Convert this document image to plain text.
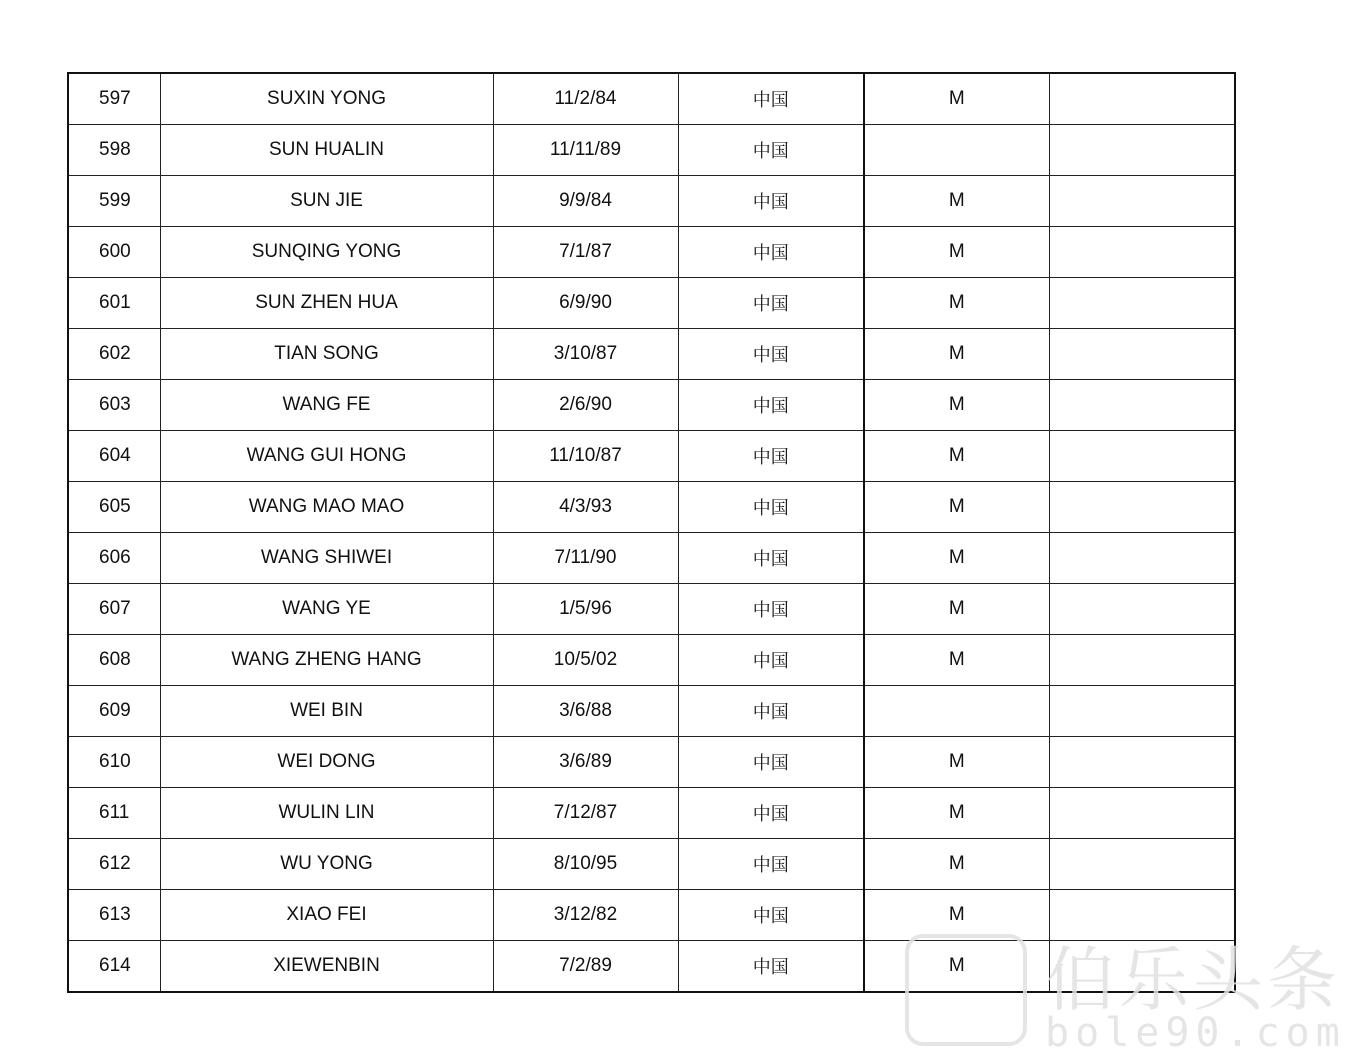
597	SUXIN YONG	11/2/84	中国	M	
598	SUN HUALIN	11/11/89	中国		
599	SUN JIE	9/9/84	中国	M	
600	SUNQING YONG	7/1/87	中国	M	
601	SUN ZHEN HUA	6/9/90	中国	M	
602	TIAN SONG	3/10/87	中国	M	
603	WANG FE	2/6/90	中国	M	
604	WANG GUI HONG	11/10/87	中国	M	
605	WANG MAO MAO	4/3/93	中国	M	
606	WANG SHIWEI	7/11/90	中国	M	
607	WANG YE	1/5/96	中国	M	
608	WANG ZHENG HANG	10/5/02	中国	M	
609	WEI BIN	3/6/88	中国		
610	WEI DONG	3/6/89	中国	M	
611	WULIN LIN	7/12/87	中国	M	
612	WU YONG	8/10/95	中国	M	
613	XIAO FEI	3/12/82	中国	M	
614	XIEWENBIN	7/2/89	中国	M	伯乐头条
bole90.com
